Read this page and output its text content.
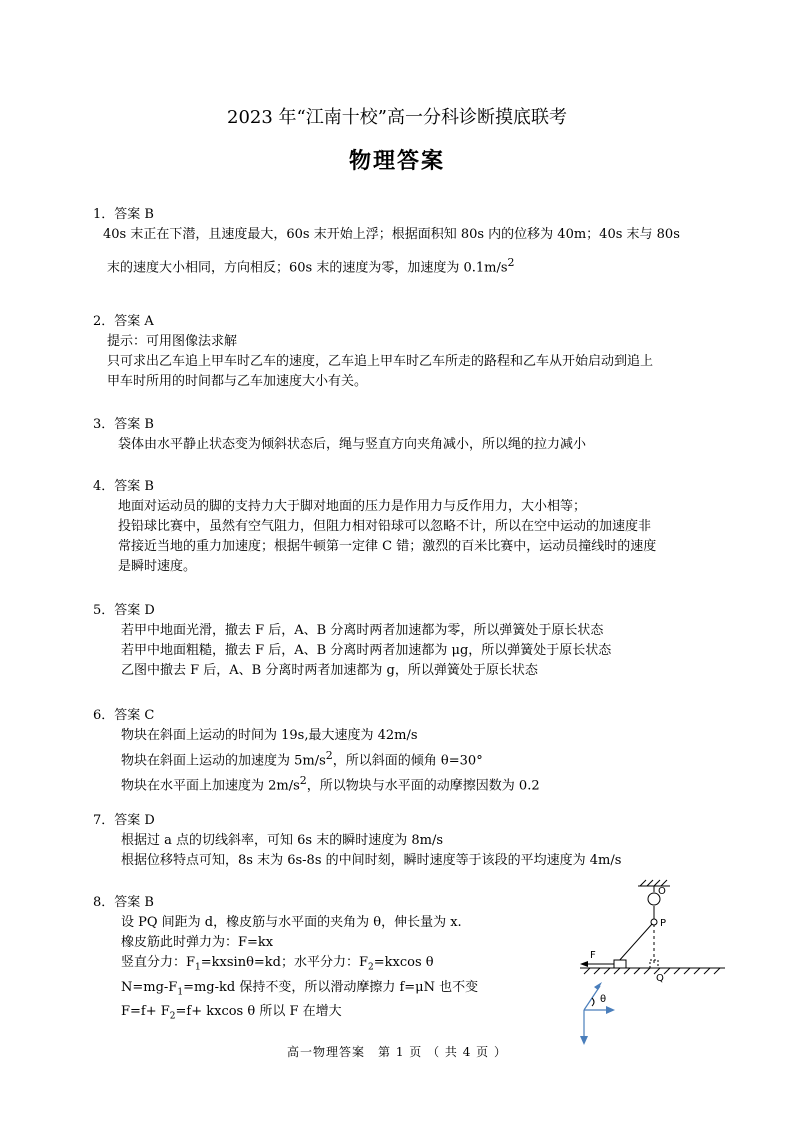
2023 年“江南十校”高一分科诊断摸底联考
物理答案
1．答案 B
40s 末正在下潜，且速度最大，60s 末开始上浮；根据面积知 80s 内的位移为 40m；40s 末与 80s
末的速度大小相同，方向相反；60s 末的速度为零，加速度为 $0.1m/s^2$
2．答案 A
提示：可用图像法求解
只可求出乙车追上甲车时乙车的速度，乙车追上甲车时乙车所走的路程和乙车从开始启动到追上
甲车时所用的时间都与乙车加速度大小有关。
3．答案 B
袋体由水平静止状态变为倾斜状态后，绳与竖直方向夹角减小，所以绳的拉力减小
4．答案 B
地面对运动员的脚的支持力大于脚对地面的压力是作用力与反作用力，大小相等；
投铅球比赛中，虽然有空气阻力，但阻力相对铅球可以忽略不计，所以在空中运动的加速度非
常接近当地的重力加速度；根据牛顿第一定律 C 错；激烈的百米比赛中，运动员撞线时的速度
是瞬时速度。
5．答案 D
若甲中地面光滑，撤去 F 后，A、B 分离时两者加速都为零，所以弹簧处于原长状态
若甲中地面粗糙，撤去 F 后，A、B 分离时两者加速都为 μg，所以弹簧处于原长状态
乙图中撤去 F 后，A、B 分离时两者加速都为 g，所以弹簧处于原长状态
6．答案 C
物块在斜面上运动的时间为 19s,最大速度为 42m/s
物块在斜面上运动的加速度为 $5m/s^2$，所以斜面的倾角 θ=30°
物块在水平面上加速度为 $2m/s^2$，所以物块与水平面的动摩擦因数为 0.2
7．答案 D
根据过 a 点的切线斜率，可知 6s 末的瞬时速度为 8m/s
根据位移特点可知，8s 末为 6s-8s 的中间时刻，瞬时速度等于该段的平均速度为 4m/s
8．答案 B
设 PQ 间距为 d，橡皮筋与水平面的夹角为 θ，伸长量为 x.
橡皮筋此时弹力为：F=kx
竖直分力：$F_1=kxsin\theta=kd$；水平分力：$F_2=kxcos$ θ
$N=mg-F_1=mg-kd$ 保持不变，所以滑动摩擦力 f=μN 也不变
$F=f+ F_2=f+ kxcos$ θ 所以 F 在增大
O
P
Q
F
θ
高一物理答案　第 1 页 （ 共 4 页 ）
